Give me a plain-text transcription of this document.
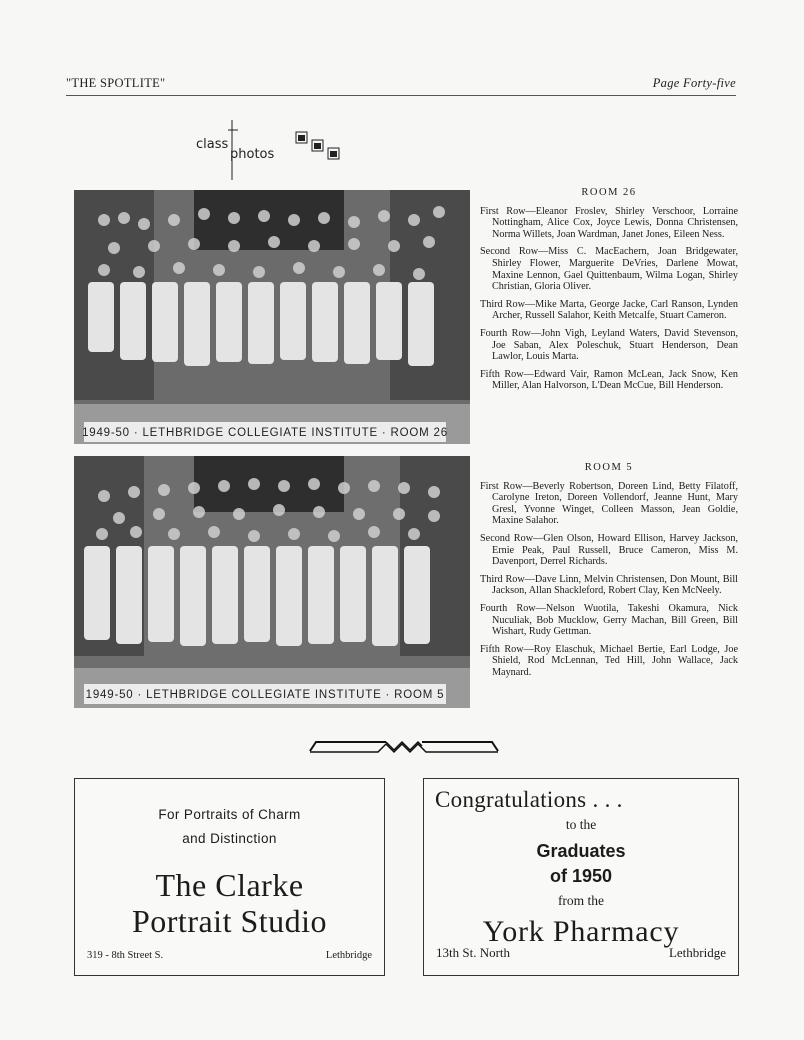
"THE SPOTLITE"	Page Forty-five
class
photos
1949-50 · LETHBRIDGE COLLEGIATE INSTITUTE · ROOM 26
1949-50 · LETHBRIDGE COLLEGIATE INSTITUTE · ROOM 5
ROOM 26
First Row—Eleanor Froslev, Shirley Verschoor, Lorraine Nottingham, Alice Cox, Joyce Lewis, Donna Christensen, Norma Willets, Joan Wardman, Janet Jones, Eileen Ness.
Second Row—Miss C. MacEachern, Joan Bridgewater, Shirley Flower, Marguerite DeVries, Darlene Mowat, Maxine Lennon, Gael Quittenbaum, Wilma Logan, Shirley Christian, Gloria Oliver.
Third Row—Mike Marta, George Jacke, Carl Ranson, Lynden Archer, Russell Salahor, Keith Metcalfe, Stuart Cameron.
Fourth Row—John Vigh, Leyland Waters, David Stevenson, Joe Saban, Alex Poleschuk, Stuart Henderson, Dean Lawlor, Louis Marta.
Fifth Row—Edward Vair, Ramon McLean, Jack Snow, Ken Miller, Alan Halvorson, L'Dean McCue, Bill Henderson.
ROOM 5
First Row—Beverly Robertson, Doreen Lind, Betty Filatoff, Carolyne Ireton, Doreen Vollendorf, Jeanne Hunt, Mary Gresl, Yvonne Winget, Colleen Masson, Jean Goldie, Maxine Salahor.
Second Row—Glen Olson, Howard Ellison, Harvey Jackson, Ernie Peak, Paul Russell, Bruce Cameron, Miss M. Davenport, Derrel Richards.
Third Row—Dave Linn, Melvin Christensen, Don Mount, Bill Jackson, Allan Shackleford, Robert Clay, Ken McNeely.
Fourth Row—Nelson Wuotila, Takeshi Okamura, Nick Nuculiak, Bob Mucklow, Gerry Machan, Bill Green, Bill Wishart, Rudy Gettman.
Fifth Row—Roy Elaschuk, Michael Bertie, Earl Lodge, Joe Shield, Rod McLennan, Ted Hill, John Wallace, Jack Maynard.
For Portraits of Charm
and Distinction
The Clarke
Portrait Studio
319 - 8th Street S.	Lethbridge
Congratulations . . .
to the
Graduates
of 1950
from the
York Pharmacy
13th St. North	Lethbridge
